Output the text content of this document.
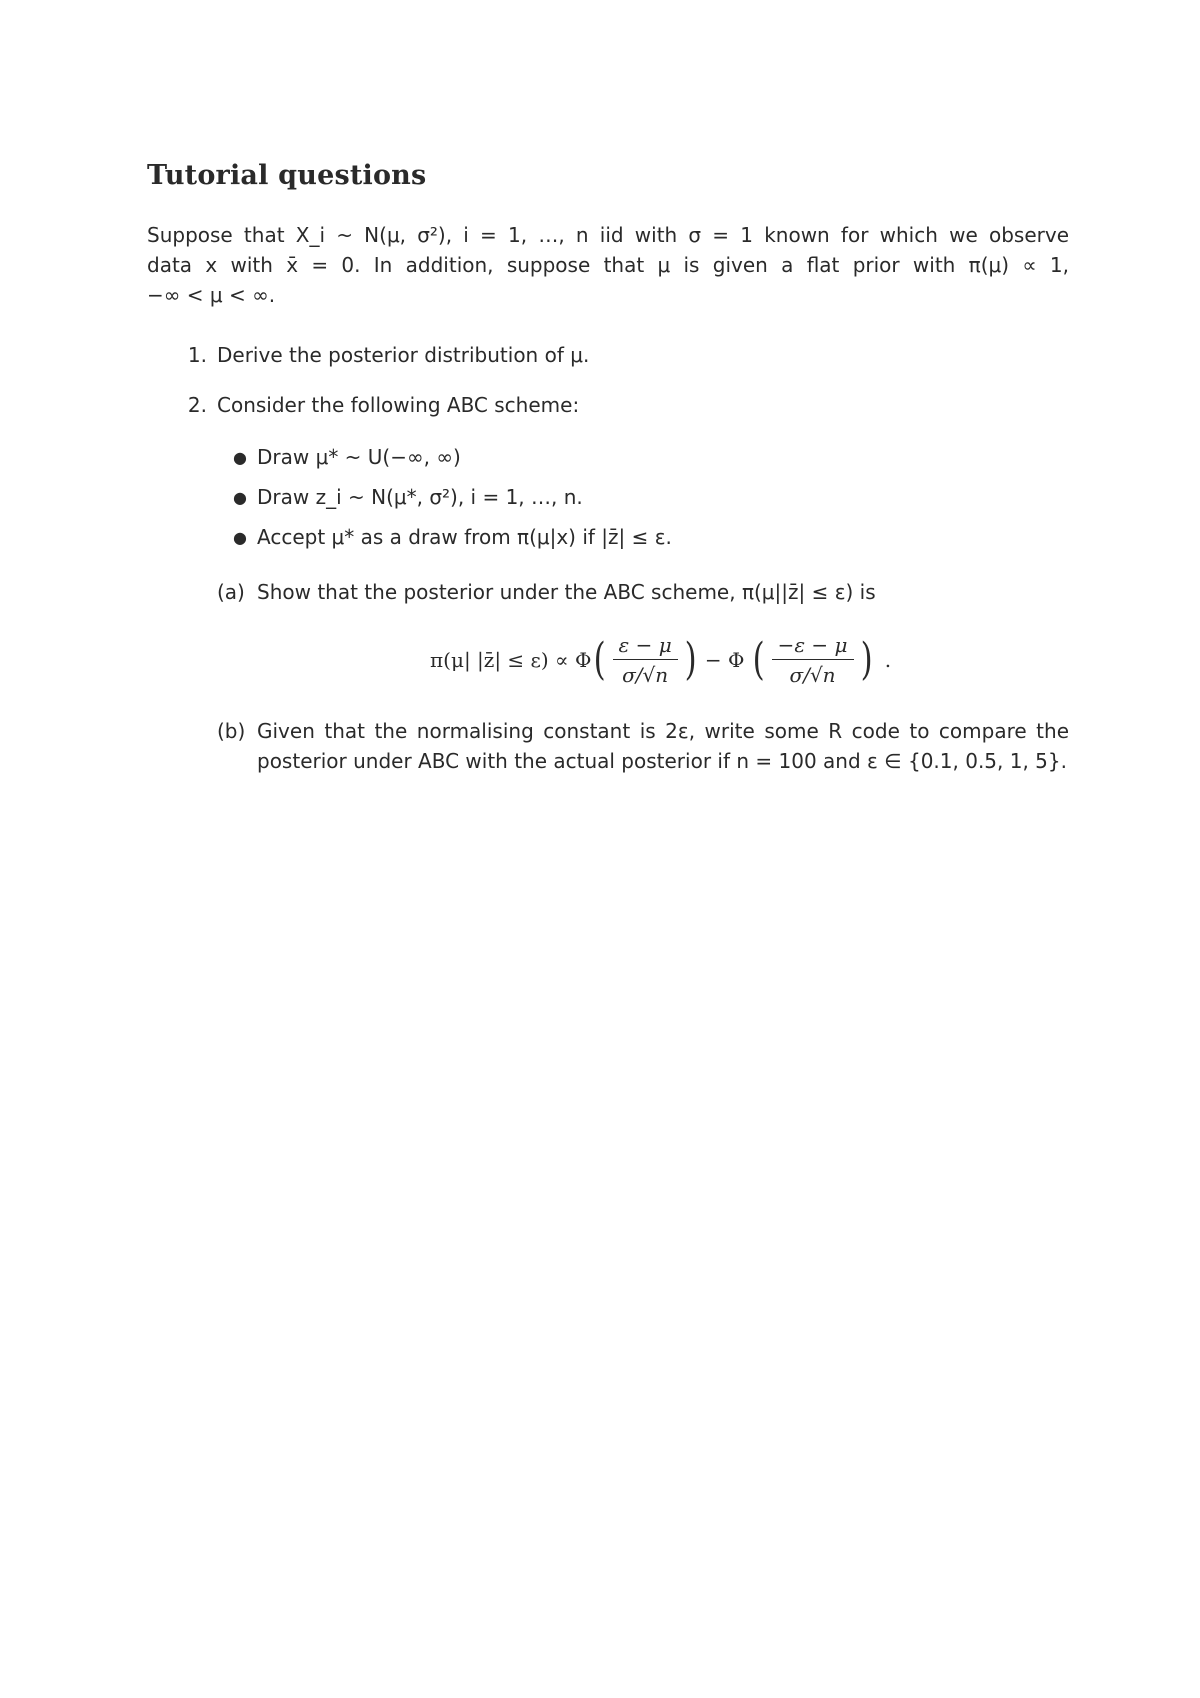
Tutorial questions
Suppose that X_i ~ N(μ, σ²), i = 1, …, n iid with σ = 1 known for which we observe
data x with x̄ = 0. In addition, suppose that μ is given a flat prior with π(μ) ∝ 1,
−∞ < μ < ∞.
1. Derive the posterior distribution of μ.
2. Consider the following ABC scheme:
● Draw μ* ~ U(−∞, ∞)
● Draw z_i ~ N(μ*, σ²), i = 1, …, n.
● Accept μ* as a draw from π(μ|x) if |z̄| ≤ ε.
(a) Show that the posterior under the ABC scheme, π(μ||z̄| ≤ ε) is
π(μ| |z̄| ≤ ε) ∝ Φ ( $\frac{\varepsilon - \mu}{\sigma/√n}$ ) − Φ ( $\frac{-\varepsilon - \mu}{\sigma/√n}$ ) .
(b) Given that the normalising constant is 2ε, write some R code to compare the
posterior under ABC with the actual posterior if n = 100 and ε ∈ {0.1, 0.5, 1, 5}.
